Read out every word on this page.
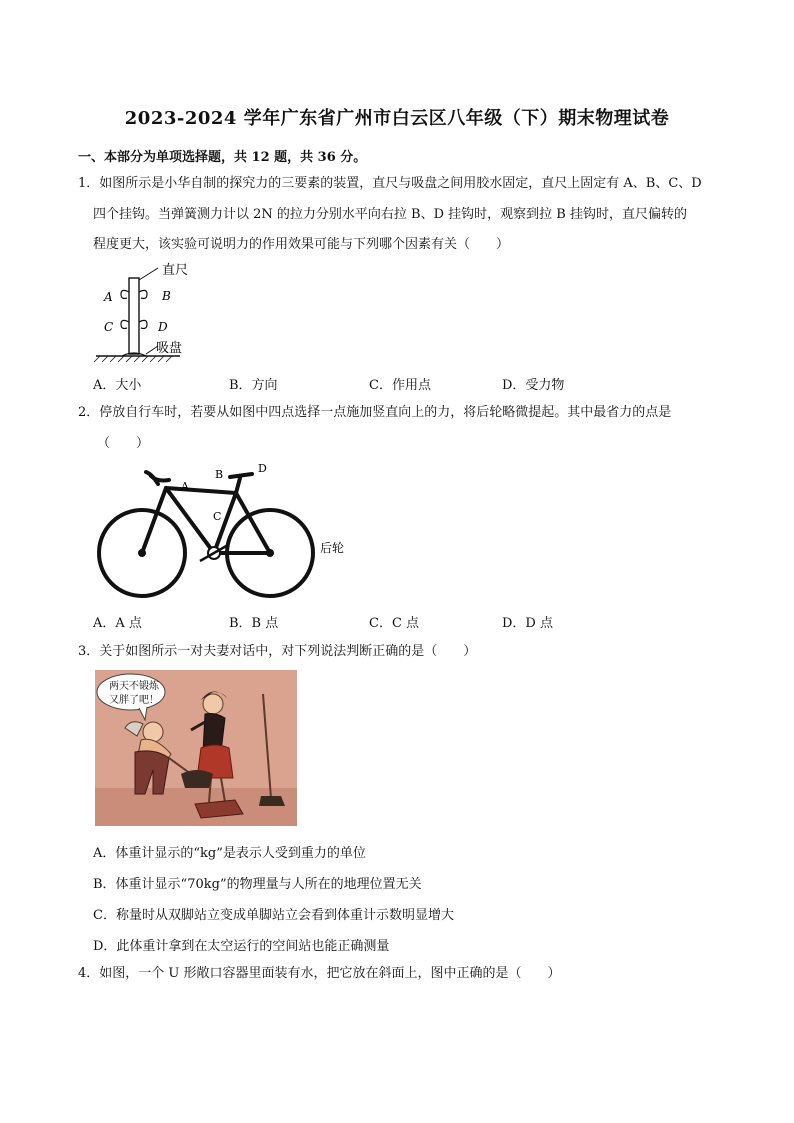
2023-2024 学年广东省广州市白云区八年级（下）期末物理试卷
一、本部分为单项选择题，共 12 题，共 36 分。
1．如图所示是小华自制的探究力的三要素的装置，直尺与吸盘之间用胶水固定，直尺上固定有 A、B、C、D
四个挂钩。当弹簧测力计以 2N 的拉力分别水平向右拉 B、D 挂钩时，观察到拉 B 挂钩时，直尺偏转的
程度更大，该实验可说明力的作用效果可能与下列哪个因素有关（　　）
直尺
A	B
C	D
吸盘
A．大小	B．方向	C．作用点	D．受力物
2．停放自行车时，若要从如图中四点选择一点施加竖直向上的力，将后轮略微提起。其中最省力的点是
（　　）
A
B
C
D
后轮
A．A 点	B．B 点	C．C 点	D．D 点
3．关于如图所示一对夫妻对话中，对下列说法判断正确的是（　　）
两天不锻炼
又胖了吧！
A．体重计显示的“kg”是表示人受到重力的单位
B．体重计显示“70kg”的物理量与人所在的地理位置无关
C．称量时从双脚站立变成单脚站立会看到体重计示数明显增大
D．此体重计拿到在太空运行的空间站也能正确测量
4．如图，一个 U 形敞口容器里面装有水，把它放在斜面上，图中正确的是（　　）
